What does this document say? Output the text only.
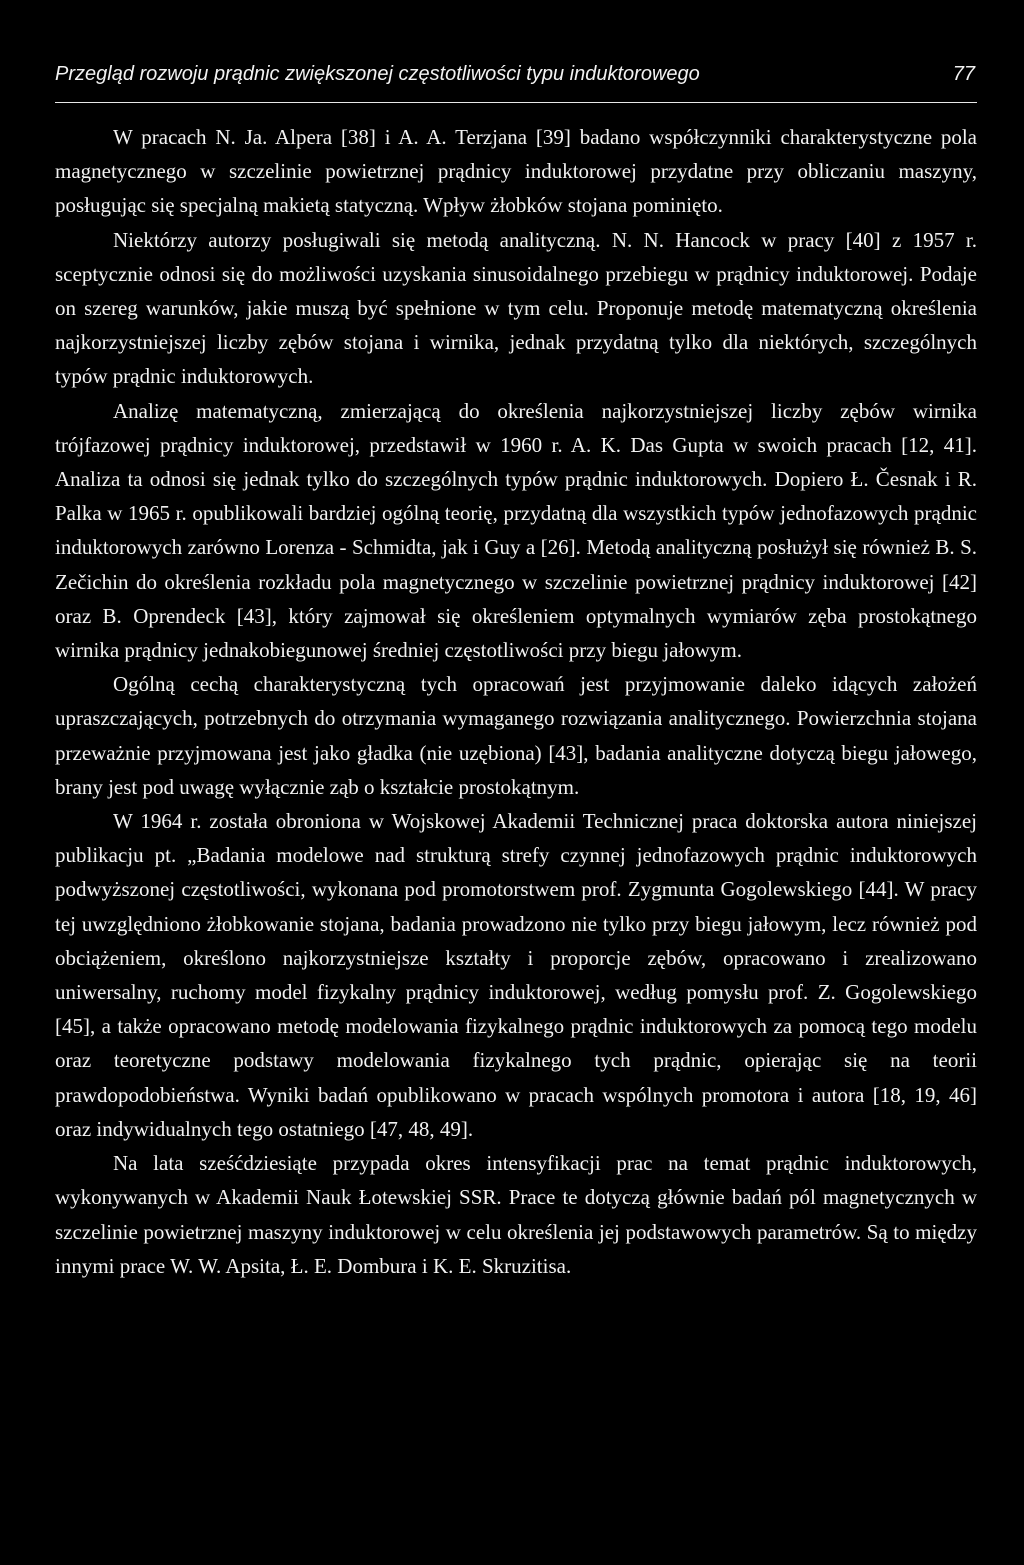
Przegląd rozwoju prądnic zwiększonej częstotliwości typu induktorowego	77

W pracach N. Ja. Alpera [38] i A. A. Terzjana [39] badano współczynniki charakterystyczne pola magnetycznego w szczelinie powietrznej prądnicy induktorowej przydatne przy obliczaniu maszyny, posługując się specjalną makietą statyczną. Wpływ żłobków stojana pominięto.

Niektórzy autorzy posługiwali się metodą analityczną. N. N. Hancock w pracy [40] z 1957 r. sceptycznie odnosi się do możliwości uzyskania sinusoidalnego przebiegu w prądnicy induktorowej. Podaje on szereg warunków, jakie muszą być spełnione w tym celu. Proponuje metodę matematyczną określenia najkorzystniejszej liczby zębów stojana i wirnika, jednak przydatną tylko dla niektórych, szczególnych typów prądnic induktorowych.

Analizę matematyczną, zmierzającą do określenia najkorzystniejszej liczby zębów wirnika trójfazowej prądnicy induktorowej, przedstawił w 1960 r. A. K. Das Gupta w swoich pracach [12, 41]. Analiza ta odnosi się jednak tylko do szczególnych typów prądnic induktorowych. Dopiero Ł. Česnak i R. Palka w 1965 r. opublikowali bardziej ogólną teorię, przydatną dla wszystkich typów jednofazowych prądnic induktorowych zarówno Lorenza - Schmidta, jak i Guy a [26]. Metodą analityczną posłużył się również B. S. Zečichin do określenia rozkładu pola magnetycznego w szczelinie powietrznej prądnicy induktorowej [42] oraz B. Oprendeck [43], który zajmował się określeniem optymalnych wymiarów zęba prostokątnego wirnika prądnicy jednakobiegunowej średniej częstotliwości przy biegu jałowym.

Ogólną cechą charakterystyczną tych opracowań jest przyjmowanie daleko idących założeń upraszczających, potrzebnych do otrzymania wymaganego rozwiązania analitycznego. Powierzchnia stojana przeważnie przyjmowana jest jako gładka (nie uzębiona) [43], badania analityczne dotyczą biegu jałowego, brany jest pod uwagę wyłącznie ząb o kształcie prostokątnym.

W 1964 r. została obroniona w Wojskowej Akademii Technicznej praca doktorska autora niniejszej publikacju pt. „Badania modelowe nad strukturą strefy czynnej jednofazowych prądnic induktorowych podwyższonej częstotliwości, wykonana pod promotorstwem prof. Zygmunta Gogolewskiego [44]. W pracy tej uwzględniono żłobkowanie stojana, badania prowadzono nie tylko przy biegu jałowym, lecz również pod obciążeniem, określono najkorzystniejsze kształty i proporcje zębów, opracowano i zrealizowano uniwersalny, ruchomy model fizykalny prądnicy induktorowej, według pomysłu prof. Z. Gogolewskiego [45], a także opracowano metodę modelowania fizykalnego prądnic induktorowych za pomocą tego modelu oraz teoretyczne podstawy modelowania fizykalnego tych prądnic, opierając się na teorii prawdopodobieństwa. Wyniki badań opublikowano w pracach wspólnych promotora i autora [18, 19, 46] oraz indywidualnych tego ostatniego [47, 48, 49].

Na lata sześćdziesiąte przypada okres intensyfikacji prac na temat prądnic induktorowych, wykonywanych w Akademii Nauk Łotewskiej SSR. Prace te dotyczą głównie badań pól magnetycznych w szczelinie powietrznej maszyny induktorowej w celu określenia jej podstawowych parametrów. Są to między innymi prace W. W. Apsita, Ł. E. Dombura i K. E. Skruzitisa.
